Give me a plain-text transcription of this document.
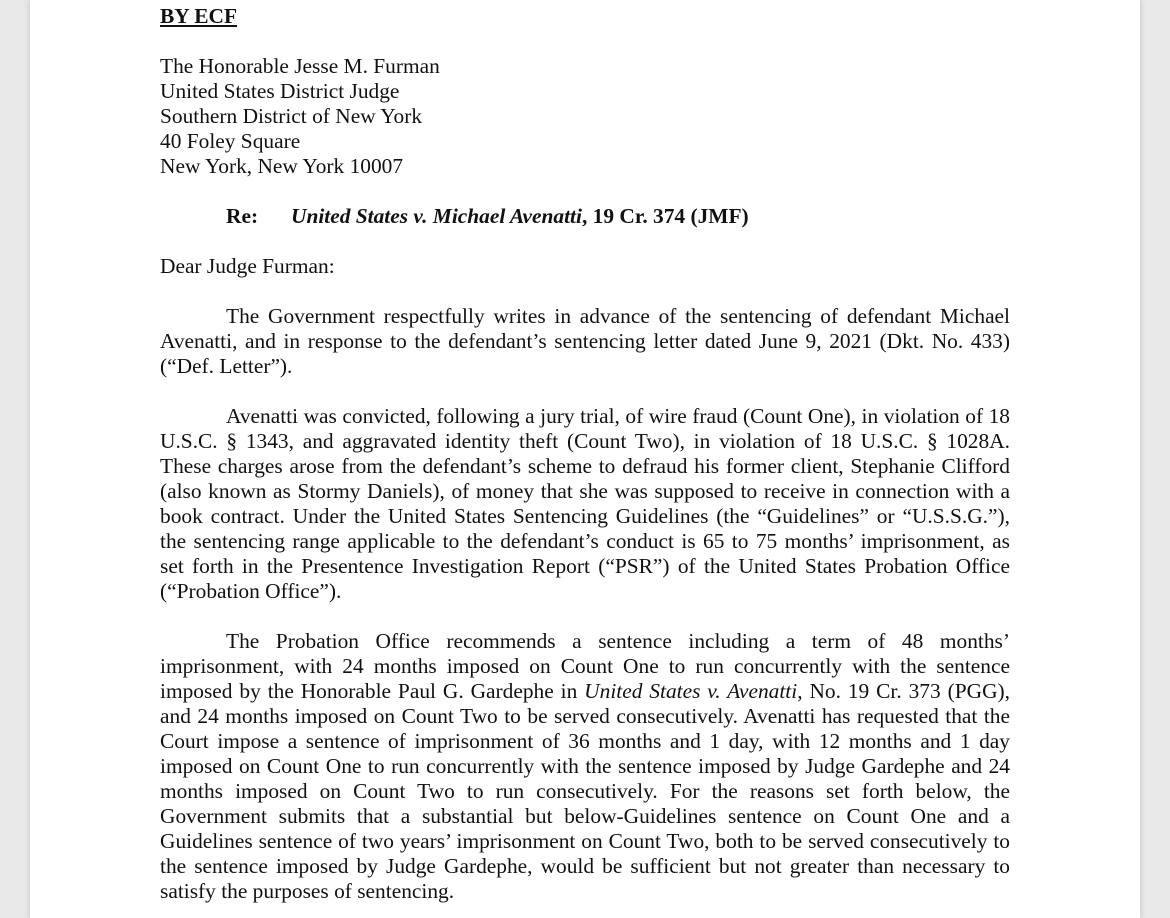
BY ECF
The Honorable Jesse M. Furman
United States District Judge
Southern District of New York
40 Foley Square
New York, New York 10007
Re: United States v. Michael Avenatti, 19 Cr. 374 (JMF)
Dear Judge Furman:

The Government respectfully writes in advance of the sentencing of defendant Michael Avenatti, and in response to the defendant’s sentencing letter dated June 9, 2021 (Dkt. No. 433) (“Def. Letter”).

Avenatti was convicted, following a jury trial, of wire fraud (Count One), in violation of 18 U.S.C. § 1343, and aggravated identity theft (Count Two), in violation of 18 U.S.C. § 1028A. These charges arose from the defendant’s scheme to defraud his former client, Stephanie Clifford (also known as Stormy Daniels), of money that she was supposed to receive in connection with a book contract. Under the United States Sentencing Guidelines (the “Guidelines” or “U.S.S.G.”), the sentencing range applicable to the defendant’s conduct is 65 to 75 months’ imprisonment, as set forth in the Presentence Investigation Report (“PSR”) of the United States Probation Office (“Probation Office”).

The Probation Office recommends a sentence including a term of 48 months’ imprisonment, with 24 months imposed on Count One to run concurrently with the sentence imposed by the Honorable Paul G. Gardephe in United States v. Avenatti, No. 19 Cr. 373 (PGG), and 24 months imposed on Count Two to be served consecutively. Avenatti has requested that the Court impose a sentence of imprisonment of 36 months and 1 day, with 12 months and 1 day imposed on Count One to run concurrently with the sentence imposed by Judge Gardephe and 24 months imposed on Count Two to run consecutively. For the reasons set forth below, the Government submits that a substantial but below-Guidelines sentence on Count One and a Guidelines sentence of two years’ imprisonment on Count Two, both to be served consecutively to the sentence imposed by Judge Gardephe, would be sufficient but not greater than necessary to satisfy the purposes of sentencing.
